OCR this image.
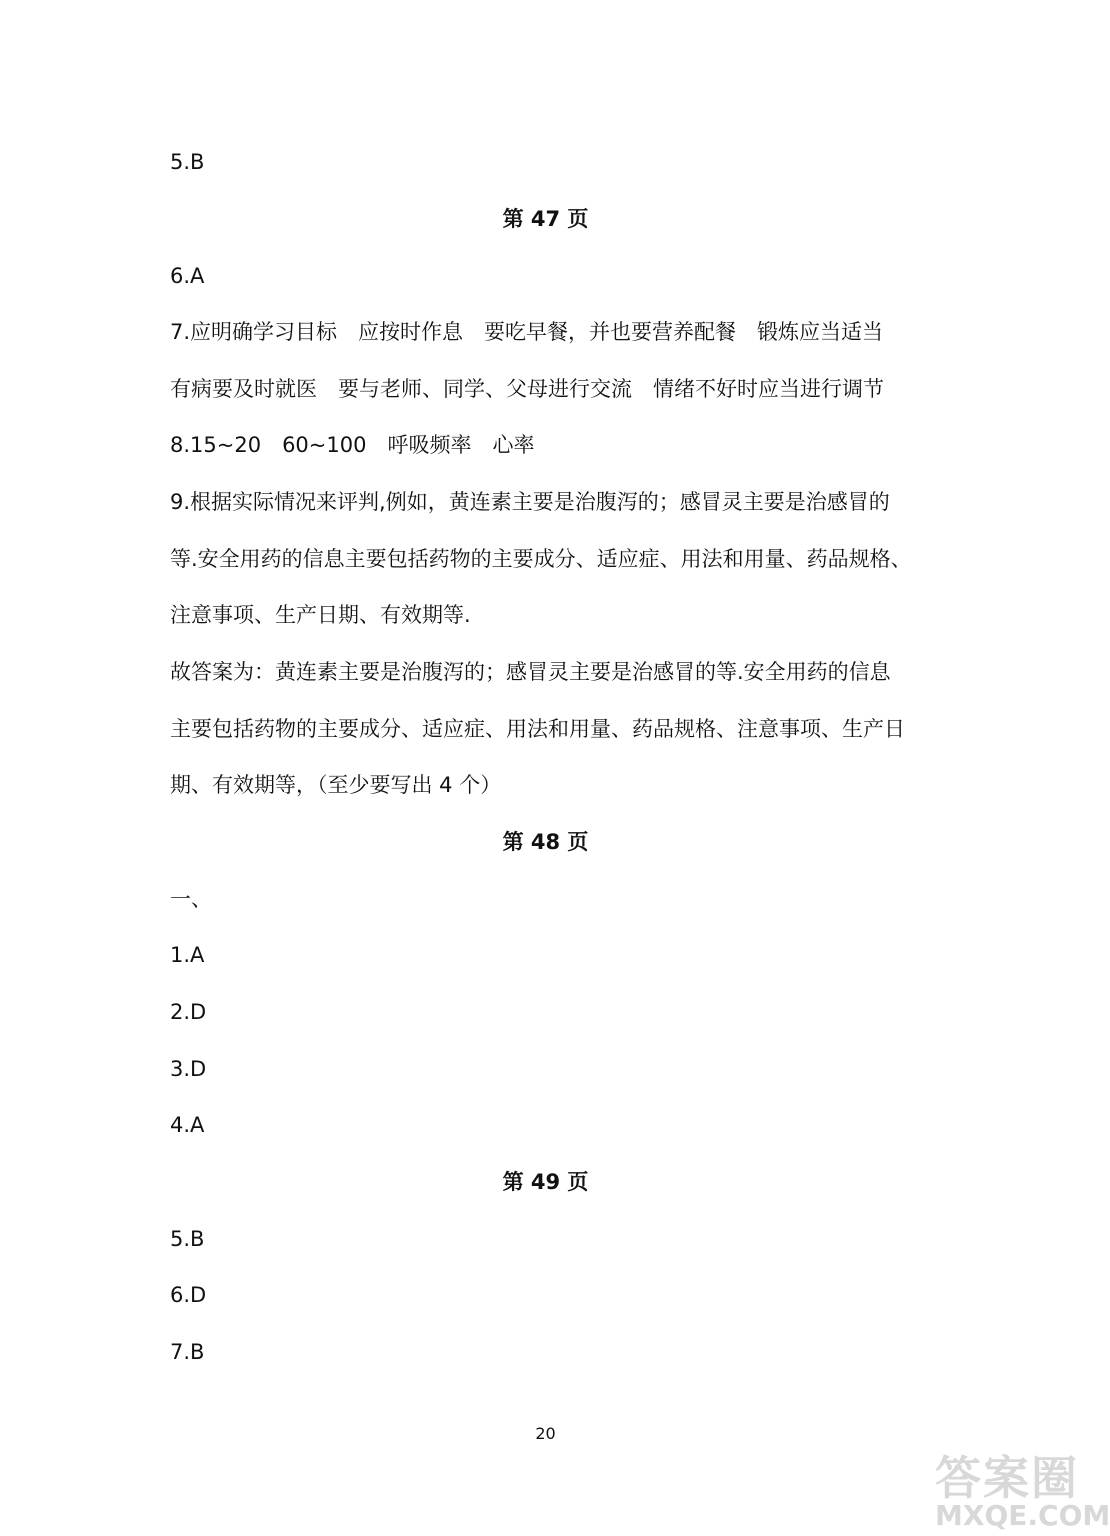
5.B
第 47 页
6.A
7.应明确学习目标　应按时作息　要吃早餐，并也要营养配餐　锻炼应当适当
有病要及时就医　要与老师、同学、父母进行交流　情绪不好时应当进行调节
8.15~20　60~100　呼吸频率　心率
9.根据实际情况来评判,例如，黄连素主要是治腹泻的；感冒灵主要是治感冒的
等.安全用药的信息主要包括药物的主要成分、适应症、用法和用量、药品规格、
注意事项、生产日期、有效期等.
故答案为：黄连素主要是治腹泻的；感冒灵主要是治感冒的等.安全用药的信息
主要包括药物的主要成分、适应症、用法和用量、药品规格、注意事项、生产日
期、有效期等，（至少要写出 4 个）
第 48 页
一、
1.A
2.D
3.D
4.A
第 49 页
5.B
6.D
7.B
20
答案圈
MXQE.COM
